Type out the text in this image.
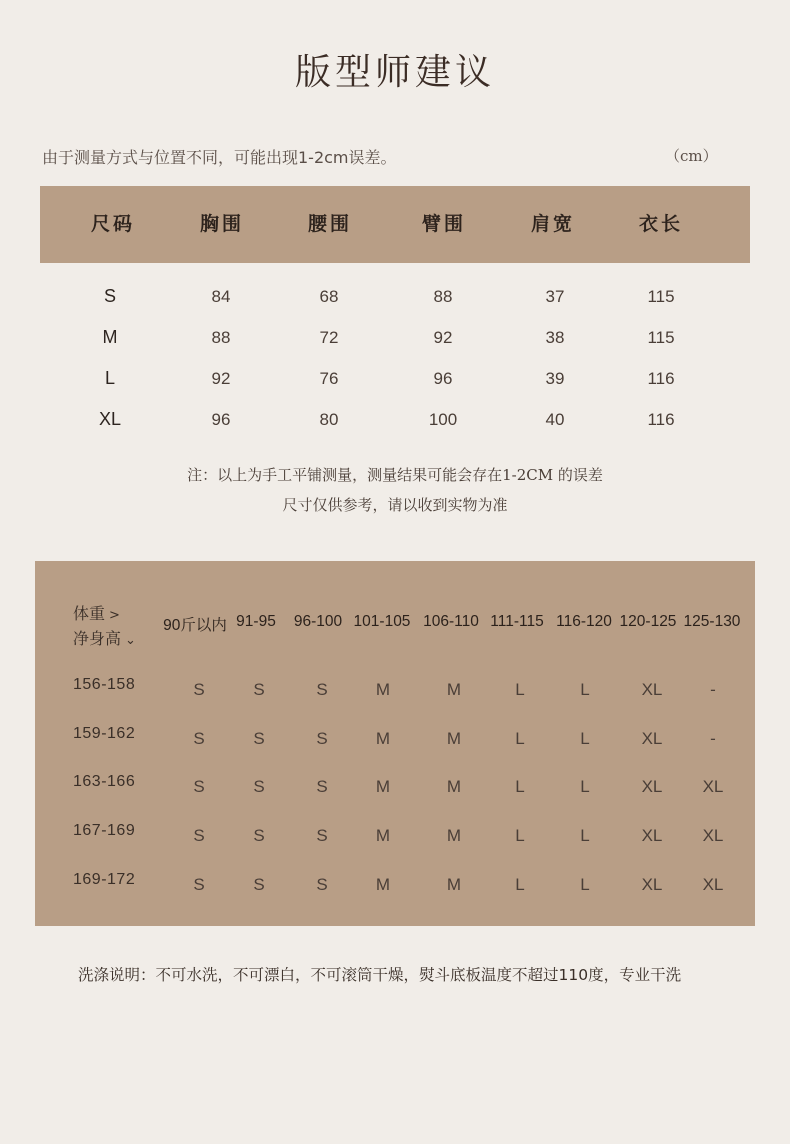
版型师建议
由于测量方式与位置不同，可能出现1-2cm误差。	（cm）
尺码	胸围	腰围	臂围	肩宽	衣长
S	84	68	88	37	115
M	88	72	92	38	115
L	92	76	96	39	116
XL	96	80	100	40	116
注：以上为手工平铺测量，测量结果可能会存在1-2CM 的误差
尺寸仅供参考，请以收到实物为准
体重 >
净身高 ⌄
90斤以内 91-95	96-100 101-105 106-110 111-115 116-120 120-125 125-130
156-158	S	S	S	M	M	L	L	XL	-
159-162	S	S	S	M	M	L	L	XL	-
163-166	S	S	S	M	M	L	L	XL	XL
167-169	S	S	S	M	M	L	L	XL	XL
169-172	S	S	S	M	M	L	L	XL	XL
洗涤说明：不可水洗，不可漂白，不可滚筒干燥，熨斗底板温度不超过110度，专业干洗
